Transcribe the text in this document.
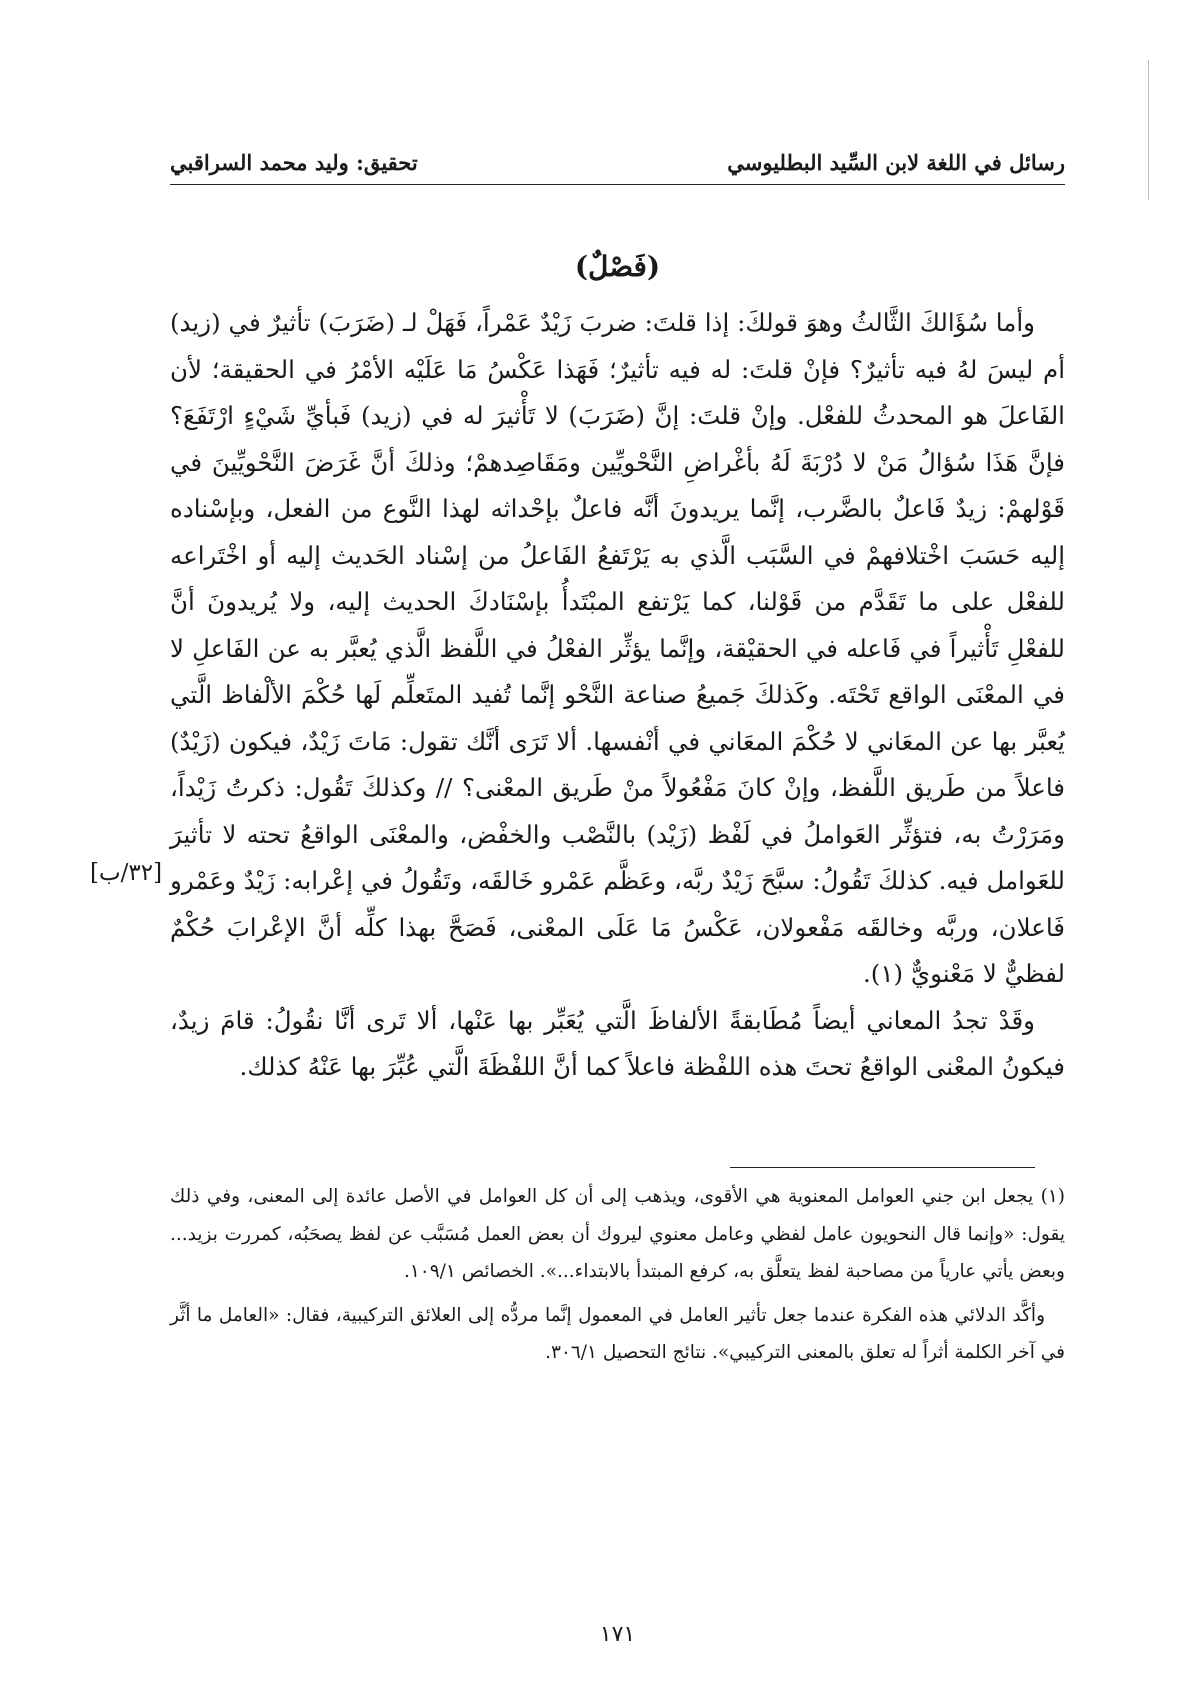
رسائل في اللغة لابن السِّيد البطليوسي
تحقيق: وليد محمد السراقبي
(فَصْلٌ)

وأما سُؤَالكَ الثَّالثُ وهوَ قولكَ: إذا قلتَ: ضربَ زَيْدٌ عَمْراً، فَهَلْ لـ (ضَرَبَ) تأثيرٌ في (زيد) أم ليسَ لهُ فيه تأثيرٌ؟ فإنْ قلتَ: له فيه تأثيرٌ؛ فَهَذا عَكْسُ مَا عَلَيْه الأمْرُ في الحقيقة؛ لأن الفَاعلَ هو المحدثُ للفعْل. وإنْ قلتَ: إنَّ (ضَرَبَ) لا تَأْثيرَ له في (زيد) فَبأيِّ شَيْءٍ ارْتَفَعَ؟ فإنَّ هَذَا سُؤالُ مَنْ لا دُرْبَةَ لَهُ بأغْراضِ النَّحْويِّين ومَقَاصِدهمْ؛ وذلكَ أنَّ غَرَضَ النَّحْويِّينَ في قَوْلهمْ: زيدٌ فَاعلٌ بالضَّرب، إنَّما يريدونَ أنَّه فاعلٌ بإحْداثه لهذا النَّوع من الفعل، وبإسْناده إليه حَسَبَ اخْتلافهمْ في السَّبَب الَّذي به يَرْتَفعُ الفَاعلُ من إسْناد الحَديث إليه أو اخْتَراعه للفعْل على ما تَقَدَّم من قَوْلنا، كما يَرْتفع المبْتَدأُ بإسْنَادكَ الحديث إليه، ولا يُريدونَ أنَّ للفعْلِ تَأْثيراً في فَاعله في الحقيْقة، وإنَّما يؤثِّر الفعْلُ في اللَّفظ الَّذي يُعبَّر به عن الفَاعلِ لا في المعْنَى الواقع تَحْتَه. وكَذلكَ جَميعُ صناعة النَّحْو إنَّما تُفيد المتَعلِّم لَها حُكْمَ الألْفاظ الَّتي يُعبَّر بها عن المعَاني لا حُكْمَ المعَاني في أنْفسها. ألا تَرَى أنَّك تقول: مَاتَ زَيْدٌ، فيكون (زَيْدٌ) فاعلاً من طَريق اللَّفظ، وإنْ كانَ مَفْعُولاً منْ طَريق المعْنى؟ // وكذلكَ تَقُول: ذكرتُ زَيْداً، ومَرَرْتُ به، فتؤثِّر العَواملُ في لَفْظ (زَيْد) بالنَّصْب والخفْض، والمعْنَى الواقعُ تحته لا تأثيرَ للعَوامل فيه. كذلكَ تَقُولُ: سبَّحَ زَيْدٌ ربَّه، وعَظَّم عَمْرو خَالقَه، وتَقُولُ في إعْرابه: زَيْدٌ وعَمْرو فَاعلان، وربَّه وخالقَه مَفْعولان، عَكْسُ مَا عَلَى المعْنى، فَصَحَّ بهذا كلِّه أنَّ الإعْرابَ حُكْمٌ لفظيٌّ لا مَعْنويٌّ (١).

وقَدْ تجدُ المعاني أيضاً مُطَابقةً الألفاظَ الَّتي يُعَبِّر بها عَنْها، ألا تَرى أنَّا نقُولُ: قامَ زيدٌ، فيكونُ المعْنى الواقعُ تحتَ هذه اللفْظة فاعلاً كما أنَّ اللفْظَةَ الَّتي عُبِّرَ بها عَنْهُ كذلك.

[٣٢/ب]

(١) يجعل ابن جني العوامل المعنوية هي الأقوى، ويذهب إلى أن كل العوامل في الأصل عائدة إلى المعنى، وفي ذلك يقول: «وإنما قال النحويون عامل لفظي وعامل معنوي ليروك أن بعض العمل مُسَبَّب عن لفظ يصحَبُه، كمررت بزيد... وبعض يأتي عارياً من مصاحبة لفظ يتعلَّق به، كرفع المبتدأ بالابتداء...». الخصائص ١٠٩/١.

وأكَّد الدلائي هذه الفكرة عندما جعل تأثير العامل في المعمول إنَّما مردُّه إلى العلائق التركيبية، فقال: «العامل ما أثَّر في آخر الكلمة أثراً له تعلق بالمعنى التركيبي». نتائج التحصيل ٣٠٦/١.

١٧١
